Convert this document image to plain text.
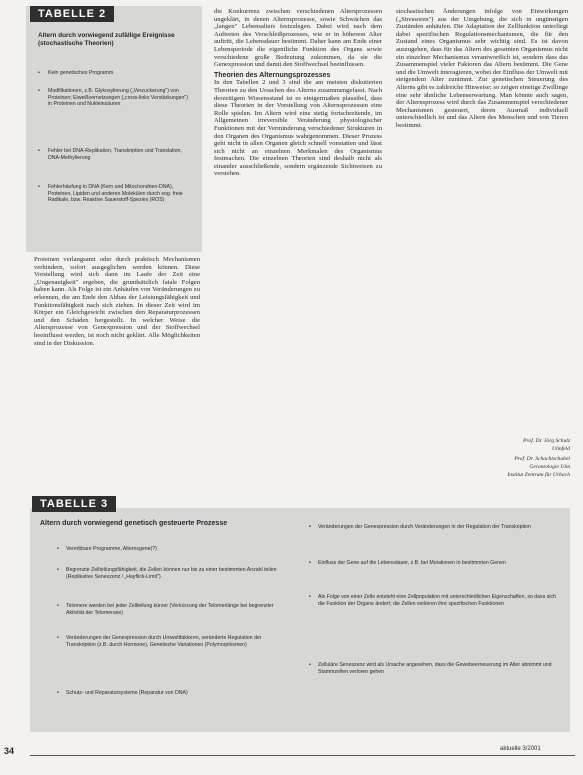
TABELLE 2
Altern durch vorwiegend zufällige Ereignisse (stochastische Theorien)
• Kein genetisches Programm
• Modifikationen, z.B. Glykosylierung („Verzuckerung") von Proteinen; Eiweißvernetzungen („cross-links Verstärkungen") in Proteinen und Nukleinsäuren
• Fehler bei DNA-Replikation, Transkription und Translation, DNA-Methylierung
• Fehlerhäufung in DNA (Kern und Mitochondrien-DNA), Proteinen, Lipiden und anderen Molekülen durch sog. freie Radikale, bzw. Reaktive Sauerstoff-Spezies (ROS)
Proteinen verlangsamt oder durch praktisch Mechanismen verhindern, sofort ausgeglichen werden können. Diese Vorstellung wird sich dann im Laufe der Zeit eine „Ungenauigkeit" ergeben, die grundsätzlich fatale Folgen haben kann. Als Folge ist ein Anhäufen von Veränderungen zu erkennen, die am Ende den Abbau der Leistungsfähigkeit und Funktionsfähigkeit nach sich ziehen. In dieser Zeit wird im Körper ein Gleichgewicht zwischen den Reparaturprozessen und den Schäden hergestellt. In welcher Weise die Altersprozesse von Genexpression und der Stoffwechsel beeinflusst werden, ist noch nicht geklärt. Alle Möglichkeiten sind in der Diskussion.

die Konkurrenz zwischen verschiedenen Altersprozessen ungeklärt, in denen Alternsprozesse, sowie Schwächen das „langen" Lebensalters festzulegen. Dabei wird nach dem Auftreten des Verschleißprozesses, wie er in höherem Alter auftritt, die Lebensdauer bestimmt. Daher kann am Ende einer Lebensperiode die eigentliche Funktion des Organs sowie verschiedene große Bedeutung zukommen, da sie die Genexpression und damit den Stoffwechsel beeinflussen.

Theorien des Alternungsprozesses

In den Tabellen 2 und 3 sind die am meisten diskutierten Theorien zu den Ursachen des Alterns zusammengefasst. Nach derzeitigem Wissensstand ist es einigermaßen plausibel, dass diese Theorien in der Vorstellung von Alternsprozessen eine Rolle spielen. Im Altern wird eine stetig fortschreitende, im Allgemeinen irreversible Veränderung physiologischer Funktionen mit der Verminderung verschiedener Strukturen in den Organen des Organismus wahrgenommen. Dieser Prozess geht nicht in allen Organen gleich schnell vonstatten und lässt sich nicht an einzelnen Merkmalen des Organismus festmachen. Die einzelnen Theorien sind deshalb nicht als einander ausschließende, sondern ergänzende Sichtweisen zu verstehen.

stochastischen Änderungen infolge von Einwirkungen („Stressoren") aus der Umgebung, die sich in ungünstigen Zuständen anhäufen. Die Adaptation der Zellfunktion unterliegt dabei spezifischen Regulationsmechanismen, die für den Zustand eines Organismus sehr wichtig sind. Es ist davon auszugehen, dass für das Altern des gesamten Organismus nicht ein einzelner Mechanismus verantwortlich ist, sondern dass das Zusammenspiel vieler Faktoren das Altern bestimmt. Die Gene und die Umwelt interagieren, wobei der Einfluss der Umwelt mit steigendem Alter zunimmt. Zur genetischen Steuerung des Alterns gibt es zahlreiche Hinweise; so zeigen eineiige Zwillinge eine sehr ähnliche Lebenserwartung. Man könnte auch sagen, der Alternsprozess wird durch das Zusammenspiel verschiedener Mechanismen gesteuert, deren Ausmaß individuell unterschiedlich ist und das Altern des Menschen und von Tieren bestimmt.
Prof. Dr. Jörg Schulz
Ulmfeld
Prof. Dr. Schachtschabel
Gerontologie Ulm
Institut Zentrum für Urbach
TABELLE 3
Altern durch vorwiegend genetisch gesteuerte Prozesse
• Vererbbare Programme, Alternsgene(?)
• Begrenzte Zellteilungsfähigkeit, die Zellen können nur bis zu einer bestimmten Anzahl teilen (Replikative Seneszenz / „Hayflick-Limit")
• Telomere werden bei jeder Zellteilung kürzer (Verkürzung der Telomerlänge bei begrenzter Aktivität der Telomerase)
• Veränderungen der Genexpression durch Umweltfaktoren, veränderte Regulation der Transkription (z.B. durch Hormone), Genetische Variationen (Polymorphismen)
• Schutz- und Reparatursysteme (Reparatur von DNA)
• Veränderungen der Genexpression durch Veränderungen in der Regulation der Transkription
• Einfluss der Gene auf die Lebensdauer, z.B. bei Mutationen in bestimmten Genen
• Als Folge von einer Zelle entsteht eine Zellpopulation mit unterschiedlichen Eigenschaften, so dass sich die Funktion der Organe ändert; die Zellen verlieren ihre spezifischen Funktionen
• Zelluläre Seneszenz wird als Ursache angesehen, dass die Gewebeerneuerung im Alter abnimmt und Stammzellen verloren gehen
34	aktuelle 3/2001
